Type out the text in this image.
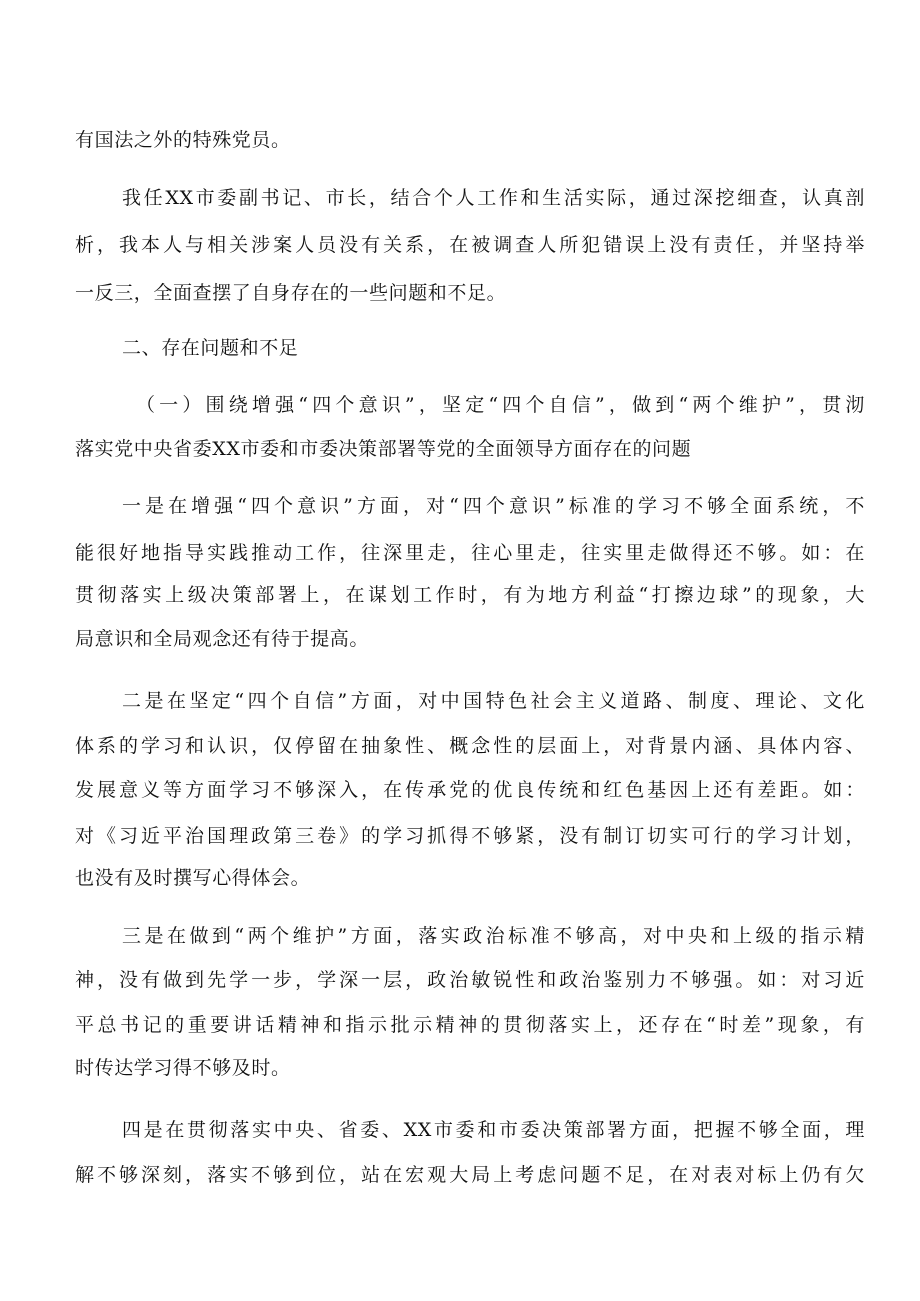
有国法之外的特殊党员。
我任XX市委副书记、市长，结合个人工作和生活实际，通过深挖细查，认真剖
析，我本人与相关涉案人员没有关系，在被调查人所犯错误上没有责任，并坚持举
一反三，全面查摆了自身存在的一些问题和不足。
二、存在问题和不足
（一）围绕增强“四个意识”，坚定“四个自信”，做到“两个维护”，贯沏
落实党中央省委XX市委和市委决策部署等党的全面领导方面存在的问题
一是在增强“四个意识”方面，对“四个意识”标准的学习不够全面系统，不
能很好地指导实践推动工作，往深里走，往心里走，往实里走做得还不够。如：在
贯彻落实上级决策部署上，在谋划工作时，有为地方利益“打擦边球”的现象，大
局意识和全局观念还有待于提高。
二是在坚定“四个自信”方面，对中国特色社会主义道路、制度、理论、文化
体系的学习和认识，仅停留在抽象性、概念性的层面上，对背景内涵、具体内容、
发展意义等方面学习不够深入，在传承党的优良传统和红色基因上还有差距。如：
对《习近平治国理政第三卷》的学习抓得不够紧，没有制订切实可行的学习计划，
也没有及时撰写心得体会。
三是在做到“两个维护”方面，落实政治标准不够高，对中央和上级的指示精
神，没有做到先学一步，学深一层，政治敏锐性和政治鉴别力不够强。如：对习近
平总书记的重要讲话精神和指示批示精神的贯彻落实上，还存在“时差”现象，有
时传达学习得不够及时。
四是在贯彻落实中央、省委、XX市委和市委决策部署方面，把握不够全面，理
解不够深刻，落实不够到位，站在宏观大局上考虑问题不足，在对表对标上仍有欠
